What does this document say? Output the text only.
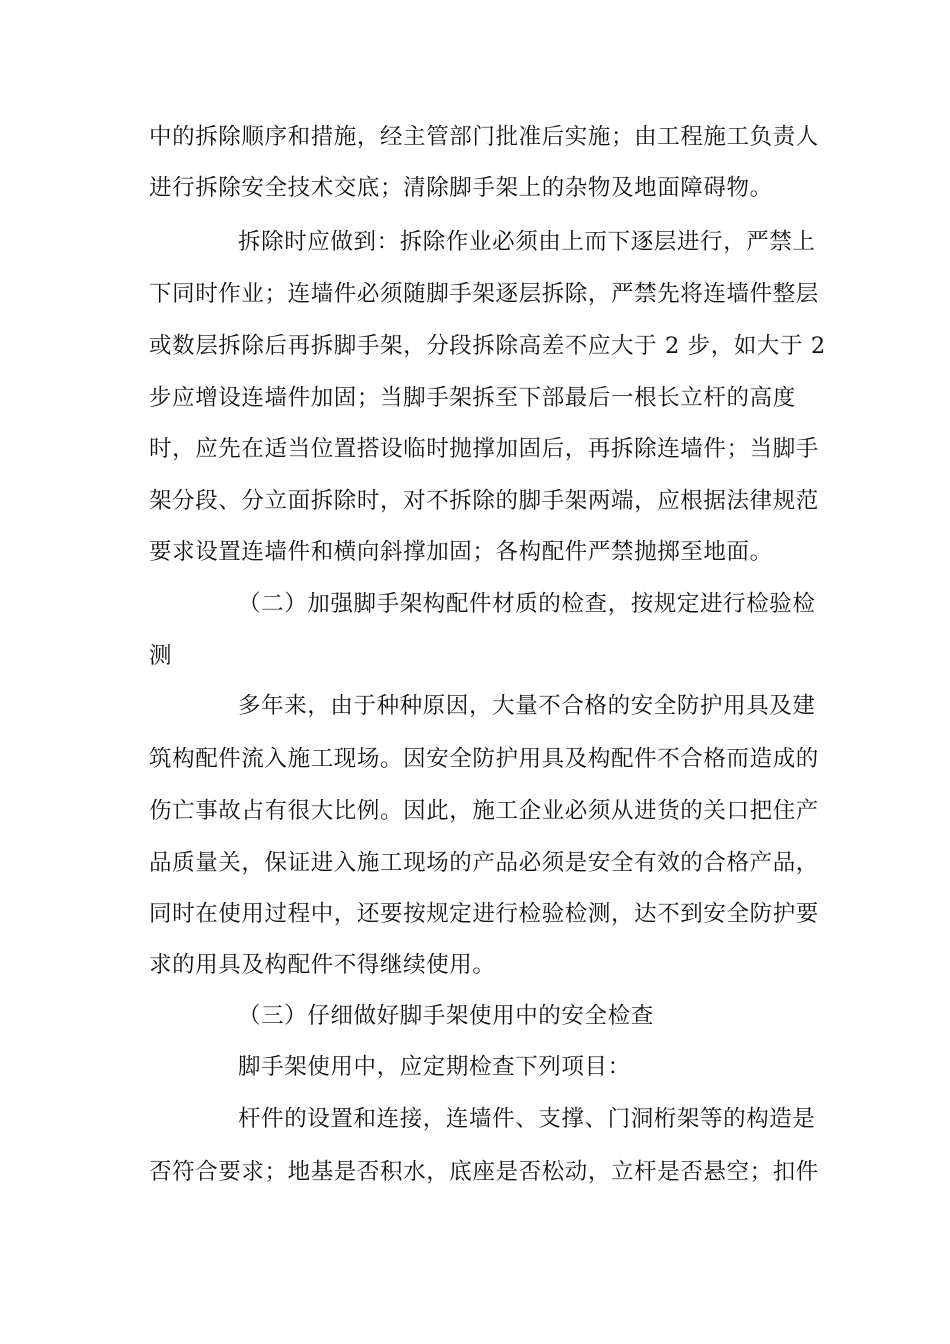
中的拆除顺序和措施，经主管部门批准后实施；由工程施工负责人

进行拆除安全技术交底；清除脚手架上的杂物及地面障碍物。

拆除时应做到：拆除作业必须由上而下逐层进行，严禁上

下同时作业；连墙件必须随脚手架逐层拆除，严禁先将连墙件整层

或数层拆除后再拆脚手架，分段拆除高差不应大于 2 步，如大于 2

步应增设连墙件加固；当脚手架拆至下部最后一根长立杆的高度

时，应先在适当位置搭设临时抛撑加固后，再拆除连墙件；当脚手

架分段、分立面拆除时，对不拆除的脚手架两端，应根据法律规范

要求设置连墙件和横向斜撑加固；各构配件严禁抛掷至地面。

（二）加强脚手架构配件材质的检查，按规定进行检验检

测

多年来，由于种种原因，大量不合格的安全防护用具及建

筑构配件流入施工现场。因安全防护用具及构配件不合格而造成的

伤亡事故占有很大比例。因此，施工企业必须从进货的关口把住产

品质量关，保证进入施工现场的产品必须是安全有效的合格产品，

同时在使用过程中，还要按规定进行检验检测，达不到安全防护要

求的用具及构配件不得继续使用。

（三）仔细做好脚手架使用中的安全检查

脚手架使用中，应定期检查下列项目：

杆件的设置和连接，连墙件、支撑、门洞桁架等的构造是

否符合要求；地基是否积水，底座是否松动，立杆是否悬空；扣件
